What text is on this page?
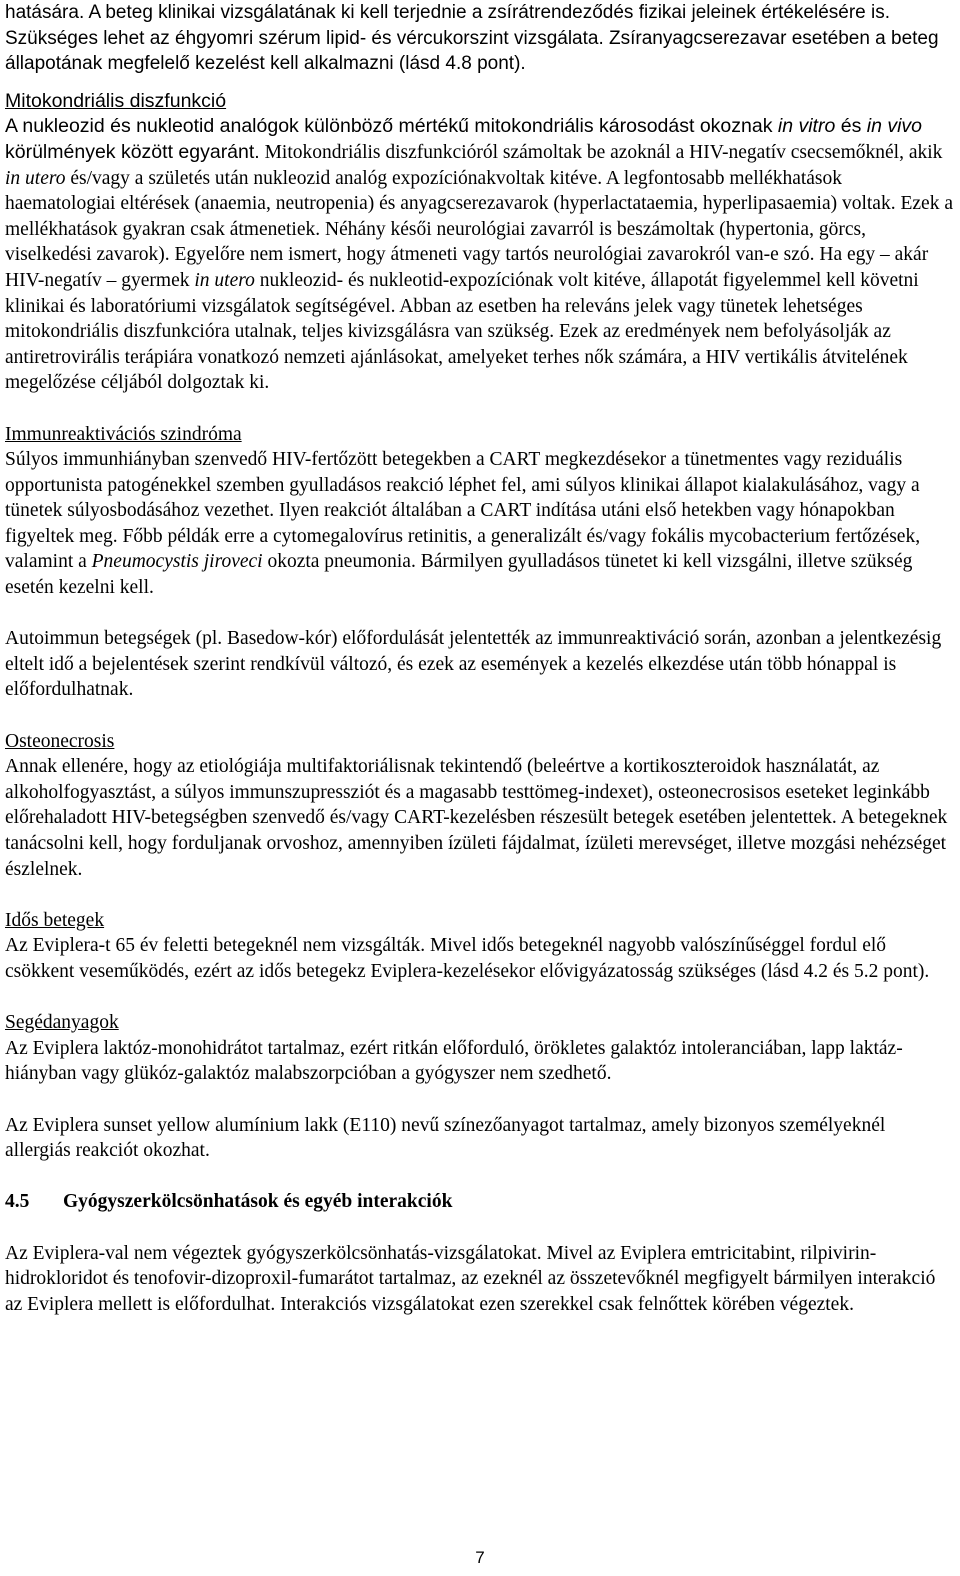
hatására. A beteg klinikai vizsgálatának ki kell terjednie a zsírátrendeződés fizikai jeleinek értékelésére is. Szükséges lehet az éhgyomri szérum lipid- és vércukorszint vizsgálata. Zsíranyagcserezavar esetében a beteg állapotának megfelelő kezelést kell alkalmazni (lásd 4.8 pont).

Mitokondriális diszfunkció
A nukleozid és nukleotid analógok különböző mértékű mitokondriális károsodást okoznak in vitro és in vivo körülmények között egyaránt. Mitokondriális diszfunkcióról számoltak be azoknál a HIV-negatív csecsemőknél, akik in utero és/vagy a születés után nukleozid analóg expozíciónakvoltak kitéve. A legfontosabb mellékhatások haematologiai eltérések (anaemia, neutropenia) és anyagcserezavarok (hyperlactataemia, hyperlipasaemia) voltak. Ezek a mellékhatások gyakran csak átmenetiek. Néhány késői neurológiai zavarról is beszámoltak (hypertonia, görcs, viselkedési zavarok). Egyelőre nem ismert, hogy átmeneti vagy tartós neurológiai zavarokról van-e szó. Ha egy – akár HIV-negatív – gyermek in utero nukleozid- és nukleotid-expozíciónak volt kitéve, állapotát figyelemmel kell követni klinikai és laboratóriumi vizsgálatok segítségével. Abban az esetben ha releváns jelek vagy tünetek lehetséges mitokondriális diszfunkcióra utalnak, teljes kivizsgálásra van szükség. Ezek az eredmények nem befolyásolják az antiretrovirális terápiára vonatkozó nemzeti ajánlásokat, amelyeket terhes nők számára, a HIV vertikális átvitelének megelőzése céljából dolgoztak ki.

Immunreaktivációs szindróma
Súlyos immunhiányban szenvedő HIV-fertőzött betegekben a CART megkezdésekor a tünetmentes vagy reziduális opportunista patogénekkel szemben gyulladásos reakció léphet fel, ami súlyos klinikai állapot kialakulásához, vagy a tünetek súlyosbodásához vezethet. Ilyen reakciót általában a CART indítása utáni első hetekben vagy hónapokban figyeltek meg. Főbb példák erre a cytomegalovírus retinitis, a generalizált és/vagy fokális mycobacterium fertőzések, valamint a Pneumocystis jiroveci okozta pneumonia. Bármilyen gyulladásos tünetet ki kell vizsgálni, illetve szükség esetén kezelni kell.

Autoimmun betegségek (pl. Basedow-kór) előfordulását jelentették az immunreaktiváció során, azonban a jelentkezésig eltelt idő a bejelentések szerint rendkívül változó, és ezek az események a kezelés elkezdése után több hónappal is előfordulhatnak.

Osteonecrosis
Annak ellenére, hogy az etiológiája multifaktoriálisnak tekintendő (beleértve a kortikoszteroidok használatát, az alkoholfogyasztást, a súlyos immunszupressziót és a magasabb testtömeg-indexet), osteonecrosisos eseteket leginkább előrehaladott HIV-betegségben szenvedő és/vagy CART-kezelésben részesült betegek esetében jelentettek. A betegeknek tanácsolni kell, hogy forduljanak orvoshoz, amennyiben ízületi fájdalmat, ízületi merevséget, illetve mozgási nehézséget észlelnek.

Idős betegek
Az Eviplera-t 65 év feletti betegeknél nem vizsgálták. Mivel idős betegeknél nagyobb valószínűséggel fordul elő csökkent veseműködés, ezért az idős betegekz Eviplera-kezelésekor elővigyázatosság szükséges (lásd 4.2 és 5.2 pont).

Segédanyagok
Az Eviplera laktóz-monohidrátot tartalmaz, ezért ritkán előforduló, örökletes galaktóz intoleranciában, lapp laktáz-hiányban vagy glükóz-galaktóz malabszorpcióban a gyógyszer nem szedhető.

Az Eviplera sunset yellow alumínium lakk (E110) nevű színezőanyagot tartalmaz, amely bizonyos személyeknél allergiás reakciót okozhat.

4.5 Gyógyszerkölcsönhatások és egyéb interakciók

Az Eviplera-val nem végeztek gyógyszerkölcsönhatás-vizsgálatokat. Mivel az Eviplera emtricitabint, rilpivirin-hidrokloridot és tenofovir-dizoproxil-fumarátot tartalmaz, az ezeknél az összetevőknél megfigyelt bármilyen interakció az Eviplera mellett is előfordulhat. Interakciós vizsgálatokat ezen szerekkel csak felnőttek körében végeztek.

7
